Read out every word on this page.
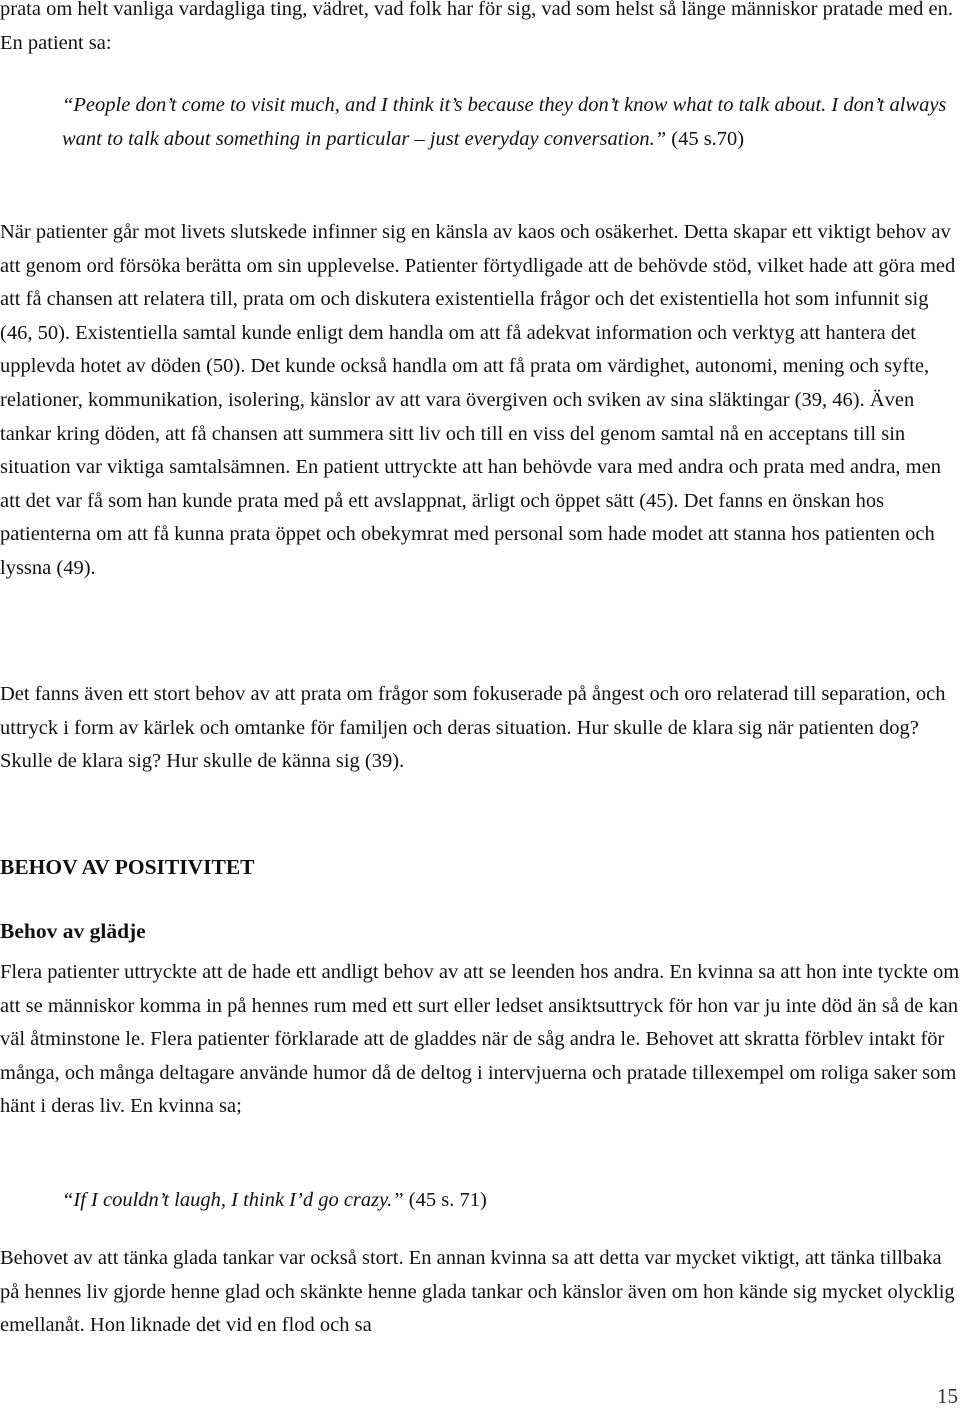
prata om helt vanliga vardagliga ting, vädret, vad folk har för sig, vad som helst så länge människor pratade med en. En patient sa:

“People don’t come to visit much, and I think it’s because they don’t know what to talk about. I don’t always want to talk about something in particular – just everyday conversation.” (45 s.70)

När patienter går mot livets slutskede infinner sig en känsla av kaos och osäkerhet. Detta skapar ett viktigt behov av att genom ord försöka berätta om sin upplevelse. Patienter förtydligade att de behövde stöd, vilket hade att göra med att få chansen att relatera till, prata om och diskutera existentiella frågor och det existentiella hot som infunnit sig (46, 50). Existentiella samtal kunde enligt dem handla om att få adekvat information och verktyg att hantera det upplevda hotet av döden (50). Det kunde också handla om att få prata om värdighet, autonomi, mening och syfte, relationer, kommunikation, isolering, känslor av att vara övergiven och sviken av sina släktingar (39, 46). Även tankar kring döden, att få chansen att summera sitt liv och till en viss del genom samtal nå en acceptans till sin situation var viktiga samtalsämnen. En patient uttryckte att han behövde vara med andra och prata med andra, men att det var få som han kunde prata med på ett avslappnat, ärligt och öppet sätt (45). Det fanns en önskan hos patienterna om att få kunna prata öppet och obekymrat med personal som hade modet att stanna hos patienten och lyssna (49).

Det fanns även ett stort behov av att prata om frågor som fokuserade på ångest och oro relaterad till separation, och uttryck i form av kärlek och omtanke för familjen och deras situation. Hur skulle de klara sig när patienten dog? Skulle de klara sig? Hur skulle de känna sig (39).

BEHOV AV POSITIVITET
Behov av glädje

Flera patienter uttryckte att de hade ett andligt behov av att se leenden hos andra. En kvinna sa att hon inte tyckte om att se människor komma in på hennes rum med ett surt eller ledset ansiktsuttryck för hon var ju inte död än så de kan väl åtminstone le. Flera patienter förklarade att de gladdes när de såg andra le. Behovet att skratta förblev intakt för många, och många deltagare använde humor då de deltog i intervjuerna och pratade tillexempel om roliga saker som hänt i deras liv. En kvinna sa;

“If I couldn’t laugh, I think I’d go crazy.” (45 s. 71)

Behovet av att tänka glada tankar var också stort. En annan kvinna sa att detta var mycket viktigt, att tänka tillbaka på hennes liv gjorde henne glad och skänkte henne glada tankar och känslor även om hon kände sig mycket olycklig emellanåt. Hon liknade det vid en flod och sa

15
